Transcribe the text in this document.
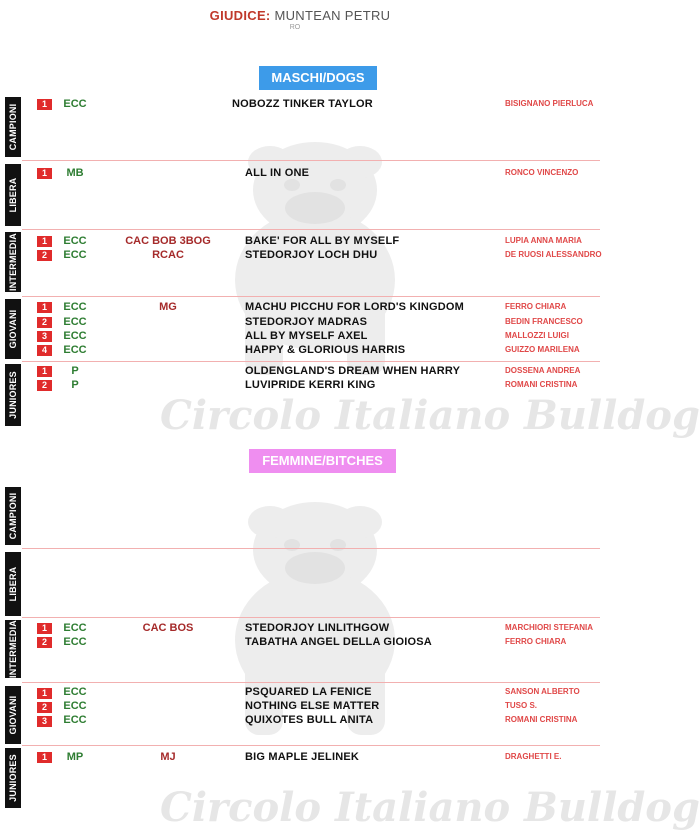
GIUDICE: MUNTEAN PETRU
RO
Circolo Italiano Bulldog
Circolo Italiano Bulldog
MASCHI/DOGS
FEMMINE/BITCHES
CAMPIONI	1	ECC	NOBOZZ TINKER TAYLOR	BISIGNANO PIERLUCA
LIBERA
1	MB	ALL IN ONE	RONCO VINCENZO
INTERMEDIA	1	ECC	CAC BOB 3BOG	BAKE' FOR ALL BY MYSELF	LUPIA ANNA MARIA
2	ECC	RCAC	STEDORJOY LOCH DHU	DE RUOSI ALESSANDRO
GIOVANI
1	ECC	MG	MACHU PICCHU FOR LORD'S KINGDOM	FERRO CHIARA
2	ECC	STEDORJOY MADRAS	BEDIN FRANCESCO
3	ECC	ALL BY MYSELF AXEL	MALLOZZI LUIGI
4	ECC	HAPPY & GLORIOUS HARRIS	GUIZZO MARILENA
JUNIORES
1	P	OLDENGLAND'S DREAM WHEN HARRY	DOSSENA ANDREA
2	P	LUVIPRIDE KERRI KING	ROMANI CRISTINA
CAMPIONI
LIBERA
INTERMEDIA	1	ECC	CAC BOS	STEDORJOY LINLITHGOW	MARCHIORI STEFANIA
2	ECC	TABATHA ANGEL DELLA GIOIOSA	FERRO CHIARA
GIOVANI
1	ECC	PSQUARED LA FENICE	SANSON ALBERTO
2	ECC	NOTHING ELSE MATTER	TUSO S.
3	ECC	QUIXOTES BULL ANITA	ROMANI CRISTINA
JUNIORES	1	MP	MJ	BIG MAPLE JELINEK	DRAGHETTI E.
